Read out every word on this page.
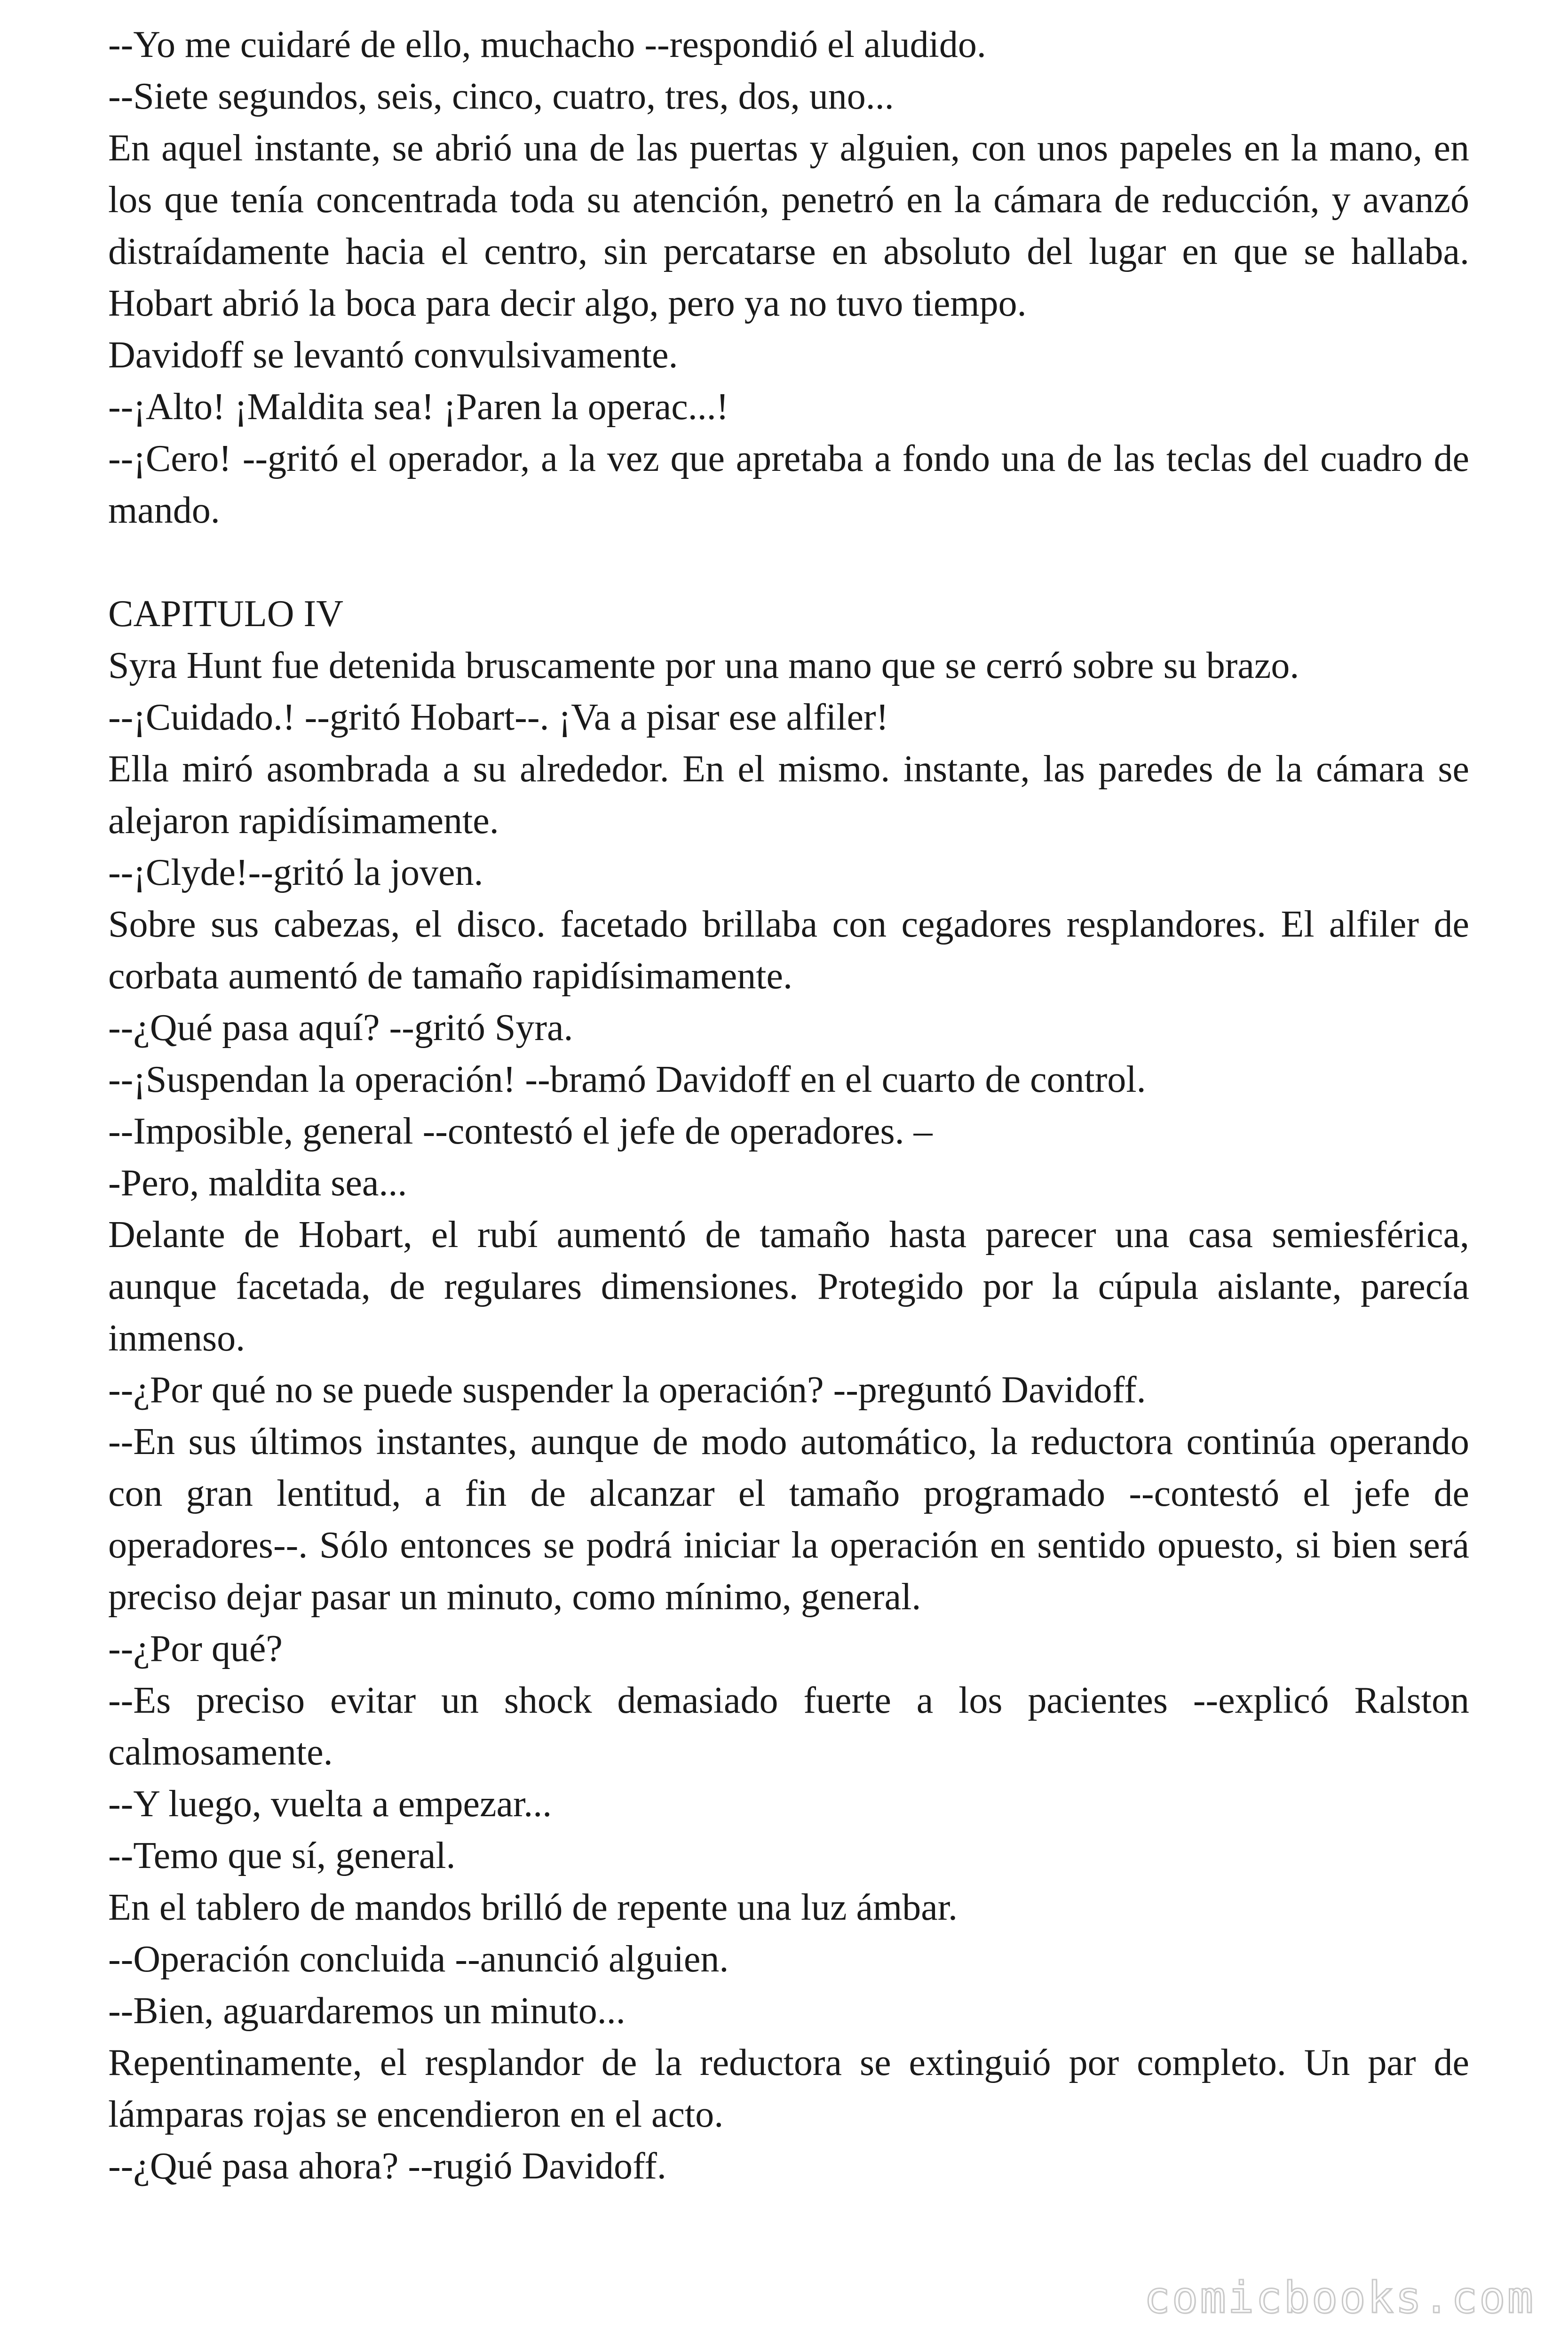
--Yo me cuidaré de ello, muchacho --respondió el aludido.

--Siete segundos, seis, cinco, cuatro, tres, dos, uno...

En aquel instante, se abrió una de las puertas y alguien, con unos papeles en la mano, en los que tenía concentrada toda su atención, penetró en la cámara de reducción, y avanzó distraídamente hacia el centro, sin percatarse en absoluto del lugar en que se hallaba. Hobart abrió la boca para decir algo, pero ya no tuvo tiempo.

Davidoff se levantó convulsivamente.

--¡Alto! ¡Maldita sea! ¡Paren la operac...!

--¡Cero! --gritó el operador, a la vez que apretaba a fondo una de las teclas del cuadro de mando.

CAPITULO IV

Syra Hunt fue detenida bruscamente por una mano que se cerró sobre su brazo.

--¡Cuidado.! --gritó Hobart--. ¡Va a pisar ese alfiler!

Ella miró asombrada a su alrededor. En el mismo. instante, las paredes de la cámara se alejaron rapidísimamente.

--¡Clyde!--gritó la joven.

Sobre sus cabezas, el disco. facetado brillaba con cegadores resplandores. El alfiler de corbata aumentó de tamaño rapidísimamente.

--¿Qué pasa aquí? --gritó Syra.

--¡Suspendan la operación! --bramó Davidoff en el cuarto de control.

--Imposible, general --contestó el jefe de operadores. –

-Pero, maldita sea...

Delante de Hobart, el rubí aumentó de tamaño hasta parecer una casa semiesférica, aunque facetada, de regulares dimensiones. Protegido por la cúpula aislante, parecía inmenso.

--¿Por qué no se puede suspender la operación? --preguntó Davidoff.

--En sus últimos instantes, aunque de modo automático, la reductora continúa operando con gran lentitud, a fin de alcanzar el tamaño programado --contestó el jefe de operadores--. Sólo entonces se podrá iniciar la operación en sentido opuesto, si bien será preciso dejar pasar un minuto, como mínimo, general.

--¿Por qué?

--Es preciso evitar un shock demasiado fuerte a los pacientes --explicó Ralston calmosamente.

--Y luego, vuelta a empezar...

--Temo que sí, general.

En el tablero de mandos brilló de repente una luz ámbar.

--Operación concluida --anunció alguien.

--Bien, aguardaremos un minuto...

Repentinamente, el resplandor de la reductora se extinguió por completo. Un par de lámparas rojas se encendieron en el acto.

--¿Qué pasa ahora? --rugió Davidoff.

comicbooks.com
